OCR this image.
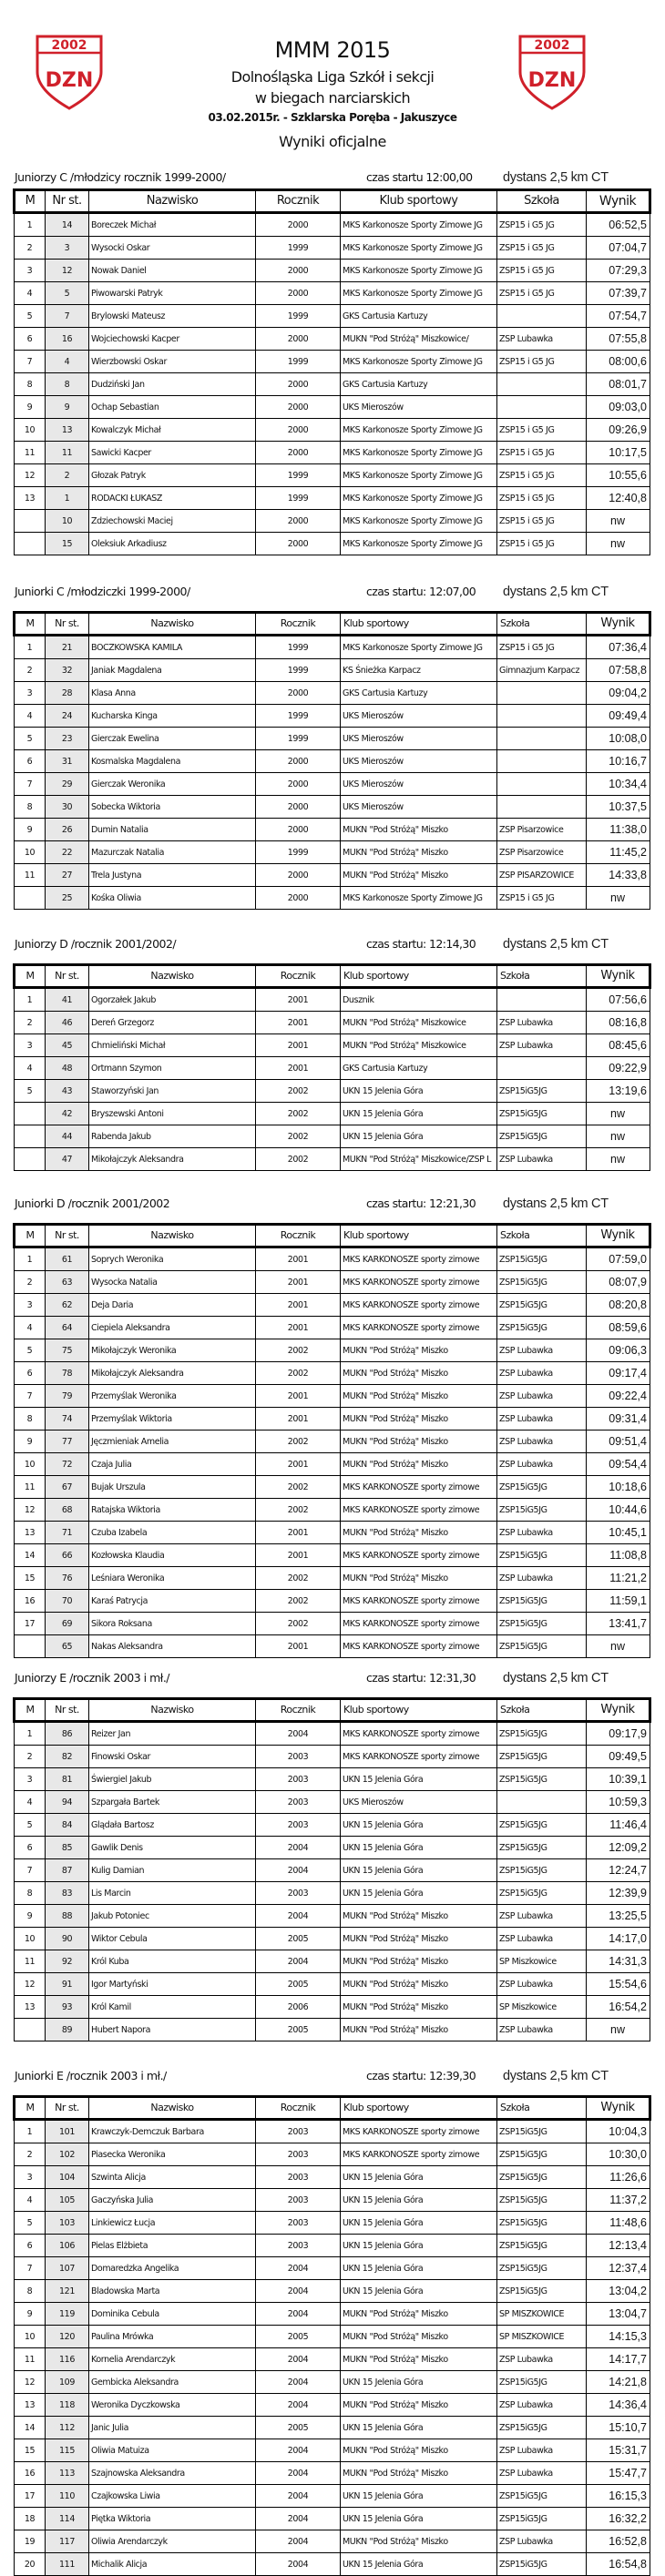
2002
DZN
2002
DZN
MMM 2015
Dolnośląska Liga Szkół i sekcji
w biegach narciarskich
03.02.2015r. - Szklarska Poręba - Jakuszyce
Wyniki oficjalne
Juniorzy C /młodzicy rocznik 1999-2000/	czas startu 12:00,00 dystans 2,5 km CT
M	Nr st.	Nazwisko	Rocznik	Klub sportowy	Szkoła	Wynik
1	14	Boreczek Michał	2000	MKS Karkonosze Sporty Zimowe JG	ZSP15 i G5 JG	06:52,5
2	3	Wysocki Oskar	1999	MKS Karkonosze Sporty Zimowe JG	ZSP15 i G5 JG	07:04,7
3	12	Nowak Daniel	2000	MKS Karkonosze Sporty Zimowe JG	ZSP15 i G5 JG	07:29,3
4	5	Piwowarski Patryk	2000	MKS Karkonosze Sporty Zimowe JG	ZSP15 i G5 JG	07:39,7
5	7	Brylowski Mateusz	1999	GKS Cartusia Kartuzy		07:54,7
6	16	Wojciechowski Kacper	2000	MUKN "Pod Stróżą" Miszkowice/	ZSP Lubawka	07:55,8
7	4	Wierzbowski Oskar	1999	MKS Karkonosze Sporty Zimowe JG	ZSP15 i G5 JG	08:00,6
8	8	Dudziński Jan	2000	GKS Cartusia Kartuzy		08:01,7
9	9	Ochap Sebastian	2000	UKS Mieroszów		09:03,0
10	13	Kowalczyk Michał	2000	MKS Karkonosze Sporty Zimowe JG	ZSP15 i G5 JG	09:26,9
11	11	Sawicki Kacper	2000	MKS Karkonosze Sporty Zimowe JG	ZSP15 i G5 JG	10:17,5
12	2	Głozak Patryk	1999	MKS Karkonosze Sporty Zimowe JG	ZSP15 i G5 JG	10:55,6
13	1	RODACKI ŁUKASZ	1999	MKS Karkonosze Sporty Zimowe JG	ZSP15 i G5 JG	12:40,8
	10	Zdziechowski Maciej	2000	MKS Karkonosze Sporty Zimowe JG	ZSP15 i G5 JG	nw
	15	Oleksiuk Arkadiusz	2000	MKS Karkonosze Sporty Zimowe JG	ZSP15 i G5 JG	nw
Juniorki C /młodziczki 1999-2000/	czas startu: 12:07,00 dystans 2,5 km CT
M	Nr st.	Nazwisko	Rocznik	Klub sportowy	Szkoła	Wynik
1	21	BOCZKOWSKA KAMILA	1999	MKS Karkonosze Sporty Zimowe JG	ZSP15 i G5 JG	07:36,4
2	32	Janiak Magdalena	1999	KS Śnieżka Karpacz	Gimnazjum Karpacz	07:58,8
3	28	Klasa Anna	2000	GKS Cartusia Kartuzy		09:04,2
4	24	Kucharska Kinga	1999	UKS Mieroszów		09:49,4
5	23	Gierczak Ewelina	1999	UKS Mieroszów		10:08,0
6	31	Kosmalska Magdalena	2000	UKS Mieroszów		10:16,7
7	29	Gierczak Weronika	2000	UKS Mieroszów		10:34,4
8	30	Sobecka Wiktoria	2000	UKS Mieroszów		10:37,5
9	26	Dumin Natalia	2000	MUKN "Pod Stróżą" Miszko	ZSP Pisarzowice	11:38,0
10	22	Mazurczak Natalia	1999	MUKN "Pod Stróżą" Miszko	ZSP Pisarzowice	11:45,2
11	27	Trela Justyna	2000	MUKN "Pod Stróżą" Miszko	ZSP PISARZOWICE	14:33,8
	25	Kośka Oliwia	2000	MKS Karkonosze Sporty Zimowe JG	ZSP15 i G5 JG	nw
Juniorzy D /rocznik 2001/2002/	czas startu: 12:14,30 dystans 2,5 km CT
M	Nr st.	Nazwisko	Rocznik	Klub sportowy	Szkoła	Wynik
1	41	Ogorzałek Jakub	2001	Dusznik		07:56,6
2	46	Dereń Grzegorz	2001	MUKN "Pod Stróżą" Miszkowice	ZSP Lubawka	08:16,8
3	45	Chmieliński Michał	2001	MUKN "Pod Stróżą" Miszkowice	ZSP Lubawka	08:45,6
4	48	Ortmann Szymon	2001	GKS Cartusia Kartuzy		09:22,9
5	43	Staworzyński Jan	2002	UKN 15 Jelenia Góra	ZSP15iG5JG	13:19,6
	42	Bryszewski Antoni	2002	UKN 15 Jelenia Góra	ZSP15iG5JG	nw
	44	Rabenda Jakub	2002	UKN 15 Jelenia Góra	ZSP15iG5JG	nw
	47	Mikołajczyk Aleksandra	2002	MUKN "Pod Stróżą" Miszkowice/ZSP L	ZSP Lubawka	nw
Juniorki D /rocznik 2001/2002	czas startu: 12:21,30 dystans 2,5 km CT
M	Nr st.	Nazwisko	Rocznik	Klub sportowy	Szkoła	Wynik
1	61	Soprych Weronika	2001	MKS KARKONOSZE sporty zimowe	ZSP15iG5JG	07:59,0
2	63	Wysocka Natalia	2001	MKS KARKONOSZE sporty zimowe	ZSP15iG5JG	08:07,9
3	62	Deja Daria	2001	MKS KARKONOSZE sporty zimowe	ZSP15iG5JG	08:20,8
4	64	Ciepiela Aleksandra	2001	MKS KARKONOSZE sporty zimowe	ZSP15iG5JG	08:59,6
5	75	Mikołajczyk Weronika	2002	MUKN "Pod Stróżą" Miszko	ZSP Lubawka	09:06,3
6	78	Mikołajczyk Aleksandra	2002	MUKN "Pod Stróżą" Miszko	ZSP Lubawka	09:17,4
7	79	Przemyślak Weronika	2001	MUKN "Pod Stróżą" Miszko	ZSP Lubawka	09:22,4
8	74	Przemyślak Wiktoria	2001	MUKN "Pod Stróżą" Miszko	ZSP Lubawka	09:31,4
9	77	Jęczmieniak Amelia	2002	MUKN "Pod Stróżą" Miszko	ZSP Lubawka	09:51,4
10	72	Czaja Julia	2001	MUKN "Pod Stróżą" Miszko	ZSP Lubawka	09:54,4
11	67	Bujak Urszula	2002	MKS KARKONOSZE sporty zimowe	ZSP15iG5JG	10:18,6
12	68	Ratajska Wiktoria	2002	MKS KARKONOSZE sporty zimowe	ZSP15iG5JG	10:44,6
13	71	Czuba Izabela	2001	MUKN "Pod Stróżą" Miszko	ZSP Lubawka	10:45,1
14	66	Kozłowska Klaudia	2001	MKS KARKONOSZE sporty zimowe	ZSP15iG5JG	11:08,8
15	76	Leśniara Weronika	2002	MUKN "Pod Stróżą" Miszko	ZSP Lubawka	11:21,2
16	70	Karaś Patrycja	2002	MKS KARKONOSZE sporty zimowe	ZSP15iG5JG	11:59,1
17	69	Sikora Roksana	2002	MKS KARKONOSZE sporty zimowe	ZSP15iG5JG	13:41,7
	65	Nakas Aleksandra	2001	MKS KARKONOSZE sporty zimowe	ZSP15iG5JG	nw
Juniorzy E /rocznik 2003 i mł./	czas startu: 12:31,30 dystans 2,5 km CT
M	Nr st.	Nazwisko	Rocznik	Klub sportowy	Szkoła	Wynik
1	86	Reizer Jan	2004	MKS KARKONOSZE sporty zimowe	ZSP15iG5JG	09:17,9
2	82	Finowski Oskar	2003	MKS KARKONOSZE sporty zimowe	ZSP15iG5JG	09:49,5
3	81	Świergiel Jakub	2003	UKN 15 Jelenia Góra	ZSP15iG5JG	10:39,1
4	94	Szpargała Bartek	2003	UKS Mieroszów		10:59,3
5	84	Glądała Bartosz	2003	UKN 15 Jelenia Góra	ZSP15iG5JG	11:46,4
6	85	Gawlik Denis	2004	UKN 15 Jelenia Góra	ZSP15iG5JG	12:09,2
7	87	Kulig Damian	2004	UKN 15 Jelenia Góra	ZSP15iG5JG	12:24,7
8	83	Lis Marcin	2003	UKN 15 Jelenia Góra	ZSP15iG5JG	12:39,9
9	88	Jakub Potoniec	2004	MUKN "Pod Stróżą" Miszko	ZSP Lubawka	13:25,5
10	90	Wiktor Cebula	2005	MUKN "Pod Stróżą" Miszko	ZSP Lubawka	14:17,0
11	92	Król Kuba	2004	MUKN "Pod Stróżą" Miszko	SP Miszkowice	14:31,3
12	91	Igor Martyński	2005	MUKN "Pod Stróżą" Miszko	ZSP Lubawka	15:54,6
13	93	Król Kamil	2006	MUKN "Pod Stróżą" Miszko	SP Miszkowice	16:54,2
	89	Hubert Napora	2005	MUKN "Pod Stróżą" Miszko	ZSP Lubawka	nw
Juniorki E /rocznik 2003 i mł./	czas startu: 12:39,30 dystans 2,5 km CT
M	Nr st.	Nazwisko	Rocznik	Klub sportowy	Szkoła	Wynik
1	101	Krawczyk-Demczuk Barbara	2003	MKS KARKONOSZE sporty zimowe	ZSP15iG5JG	10:04,3
2	102	Piasecka Weronika	2003	MKS KARKONOSZE sporty zimowe	ZSP15iG5JG	10:30,0
3	104	Szwinta Alicja	2003	UKN 15 Jelenia Góra	ZSP15iG5JG	11:26,6
4	105	Gaczyńska Julia	2003	UKN 15 Jelenia Góra	ZSP15iG5JG	11:37,2
5	103	Linkiewicz Łucja	2003	UKN 15 Jelenia Góra	ZSP15iG5JG	11:48,6
6	106	Pielas Elżbieta	2003	UKN 15 Jelenia Góra	ZSP15iG5JG	12:13,4
7	107	Domaredzka Angelika	2004	UKN 15 Jelenia Góra	ZSP15iG5JG	12:37,4
8	121	Bladowska Marta	2004	UKN 15 Jelenia Góra	ZSP15iG5JG	13:04,2
9	119	Dominika Cebula	2004	MUKN "Pod Stróżą" Miszko	SP MISZKOWICE	13:04,7
10	120	Paulina Mrówka	2005	MUKN "Pod Stróżą" Miszko	SP MISZKOWICE	14:15,3
11	116	Kornelia Arendarczyk	2004	MUKN "Pod Stróżą" Miszko	ZSP Lubawka	14:17,7
12	109	Gembicka Aleksandra	2004	UKN 15 Jelenia Góra	ZSP15iG5JG	14:21,8
13	118	Weronika Dyczkowska	2004	MUKN "Pod Stróżą" Miszko	ZSP Lubawka	14:36,4
14	112	Janic Julia	2005	UKN 15 Jelenia Góra	ZSP15iG5JG	15:10,7
15	115	Oliwia Matuiza	2004	MUKN "Pod Stróżą" Miszko	ZSP Lubawka	15:31,7
16	113	Szajnowska Aleksandra	2004	MUKN "Pod Stróżą" Miszko	ZSP Lubawka	15:47,7
17	110	Czajkowska Liwia	2004	UKN 15 Jelenia Góra	ZSP15iG5JG	16:15,3
18	114	Piętka Wiktoria	2004	UKN 15 Jelenia Góra	ZSP15iG5JG	16:32,2
19	117	Oliwia Arendarczyk	2004	MUKN "Pod Stróżą" Miszko	ZSP Lubawka	16:52,8
20	111	Michalik Alicja	2004	UKN 15 Jelenia Góra	ZSP15iG5JG	16:54,8
